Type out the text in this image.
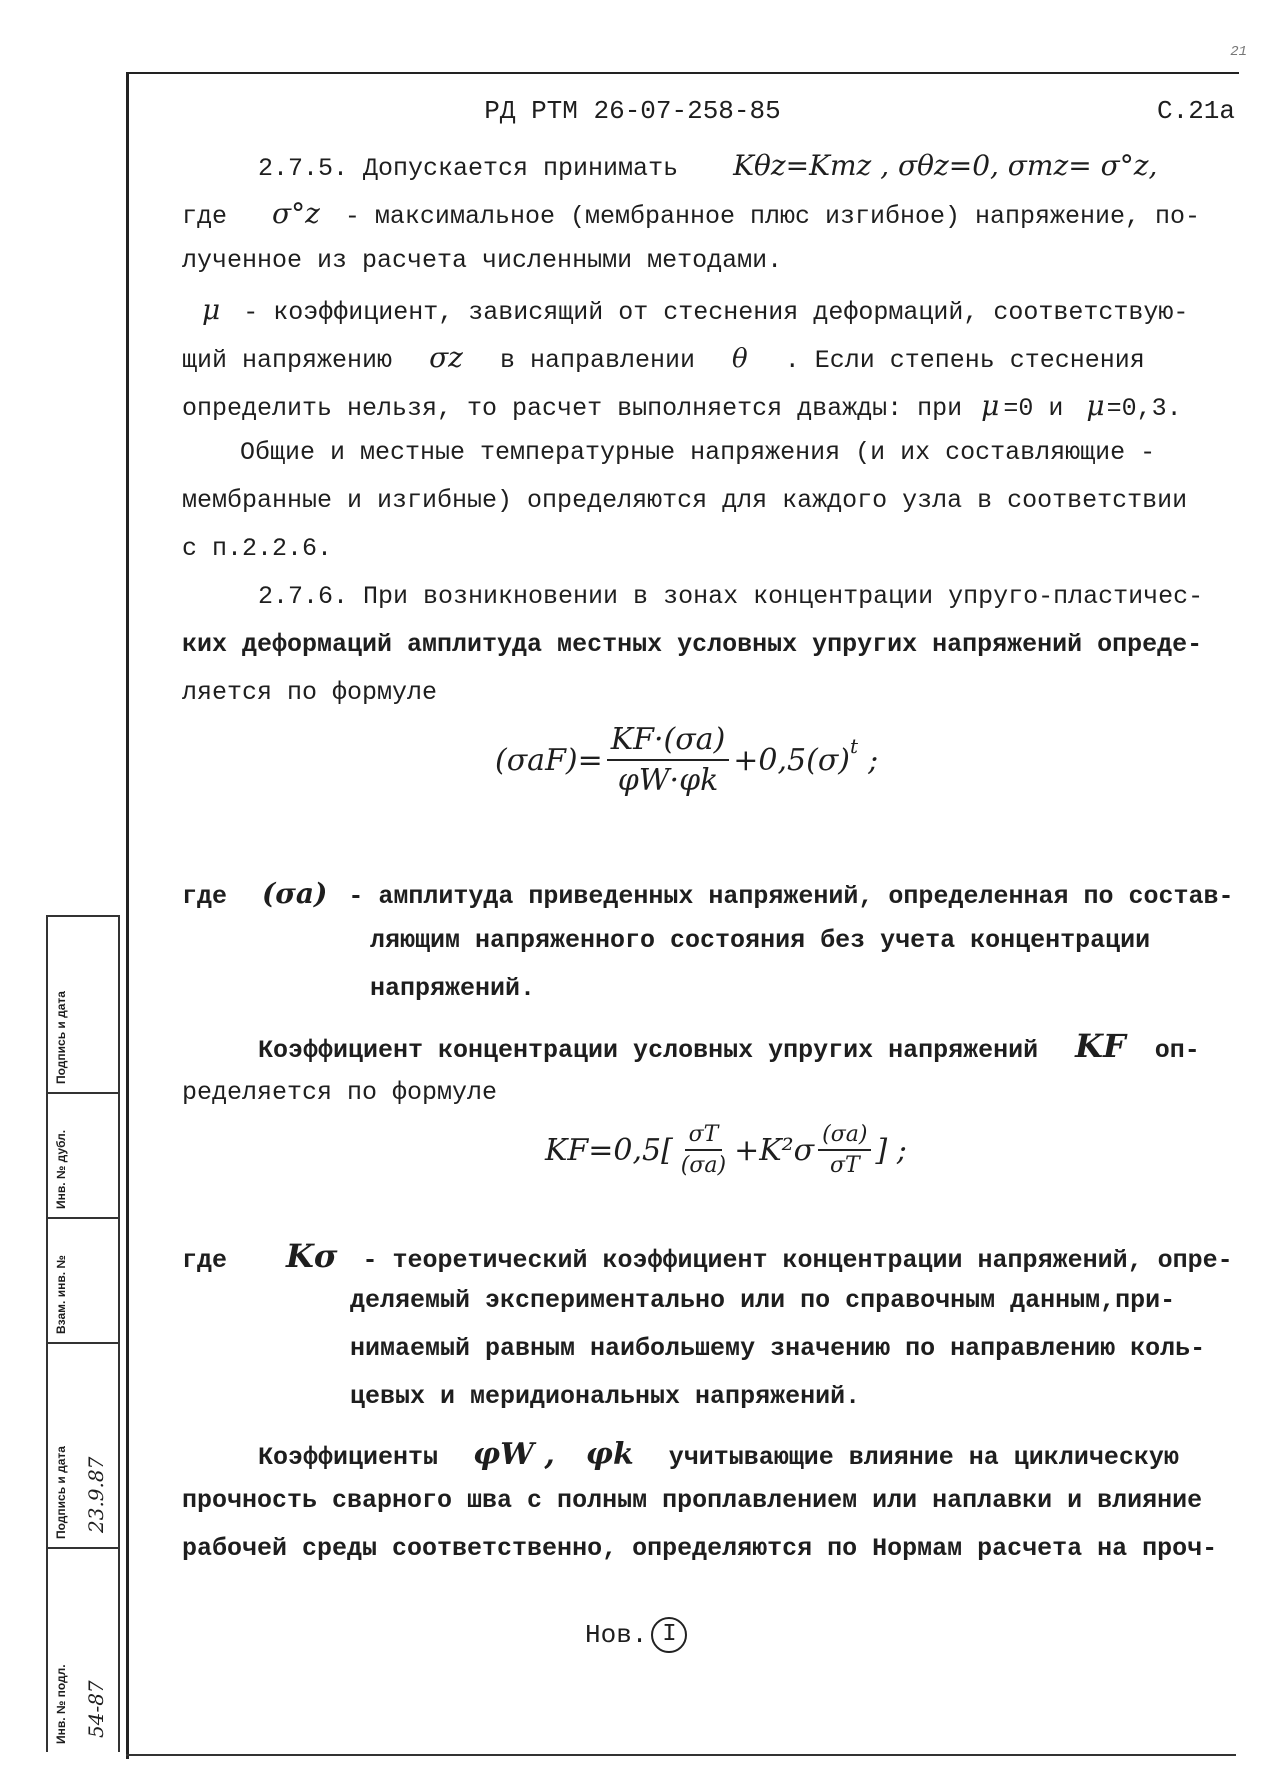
21
РД РТМ 26-07-258-85	С.21а
2.7.5. Допускается принимать Kθz=Kmz , σθz=0, σmz= σ°z,
где σ°z - максимальное (мембранное плюс изгибное) напряжение, по-
лученное из расчета численными методами.
μ - коэффициент, зависящий от стеснения деформаций, соответствую-
щий напряжению σz в направлении θ . Если степень стеснения
определить нельзя, то расчет выполняется дважды: при μ =0 и μ=0,3.
Общие и местные температурные напряжения (и их составляющие -
мембранные и изгибные) определяются для каждого узла в соответствии
с п.2.2.6.
2.7.6. При возникновении в зонах концентрации упруго-пластичес-
ких деформаций амплитуда местных условных упругих напряжений опреде-
ляется по формуле
$(\sigma aF)= \frac{KF\cdot(\sigma a)}{\varphi W\cdot\varphi k} +0,5(\sigma)^t$ ;
где (σa) - амплитуда приведенных напряжений, определенная по состав-
ляющим напряженного состояния без учета концентрации
напряжений.
Коэффициент концентрации условных упругих напряжений KF оп-
ределяется по формуле
$KF=0,5[ \frac{\sigma T}{(\sigma a)} +K^2\sigma \frac{(\sigma a)}{\sigma T}$ ] ;
где Kσ - теоретический коэффициент концентрации напряжений, опре-
деляемый экспериментально или по справочным данным,при-
нимаемый равным наибольшему значению по направлению коль-
цевых и меридиональных напряжений.
Коэффициенты φW , φk учитывающие влияние на циклическую
прочность сварного шва с полным проплавлением или наплавки и влияние
рабочей среды соответственно, определяются по Нормам расчета на проч-
Нов. I
Подпись и дата
Инв. № дубл.
Взам. инв. №
Подпись и дата 23.9.87
Инв. № подл. 54-87
